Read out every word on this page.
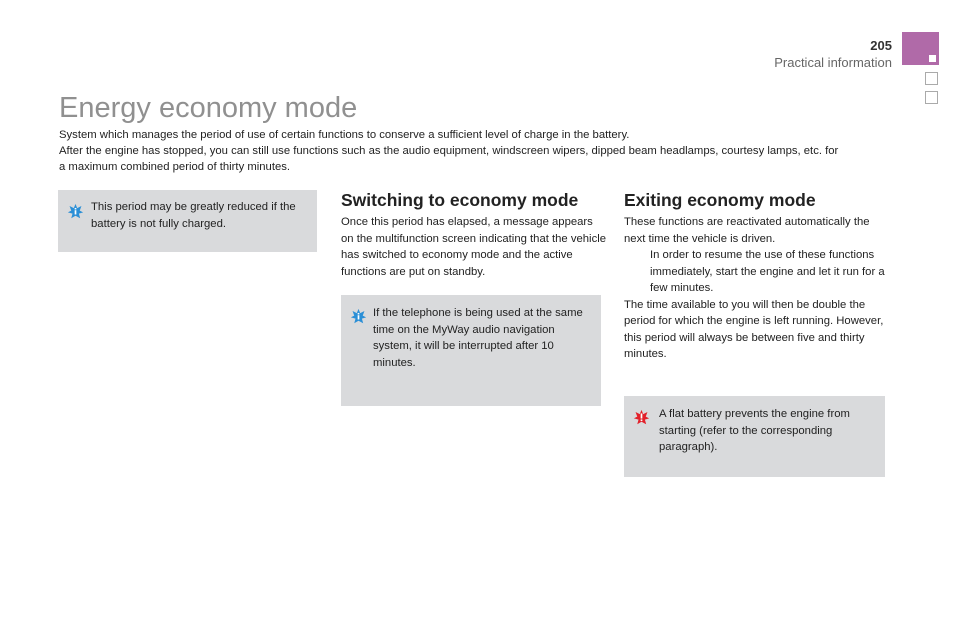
205
Practical information
Energy economy mode

System which manages the period of use of certain functions to conserve a sufficient level of charge in the battery.

After the engine has stopped, you can still use functions such as the audio equipment, windscreen wipers, dipped beam headlamps, courtesy lamps, etc. for a maximum combined period of thirty minutes.

This period may be greatly reduced if the battery is not fully charged.
Switching to economy mode
Once this period has elapsed, a message appears on the multifunction screen indicating that the vehicle has switched to economy mode and the active functions are put on standby.
If the telephone is being used at the same time on the MyWay audio navigation system, it will be interrupted after 10 minutes.
Exiting economy mode

These functions are reactivated automatically the next time the vehicle is driven.

In order to resume the use of these functions immediately, start the engine and let it run for a few minutes.

The time available to you will then be double the period for which the engine is left running. However, this period will always be between five and thirty minutes.

A flat battery prevents the engine from starting (refer to the corresponding paragraph).
